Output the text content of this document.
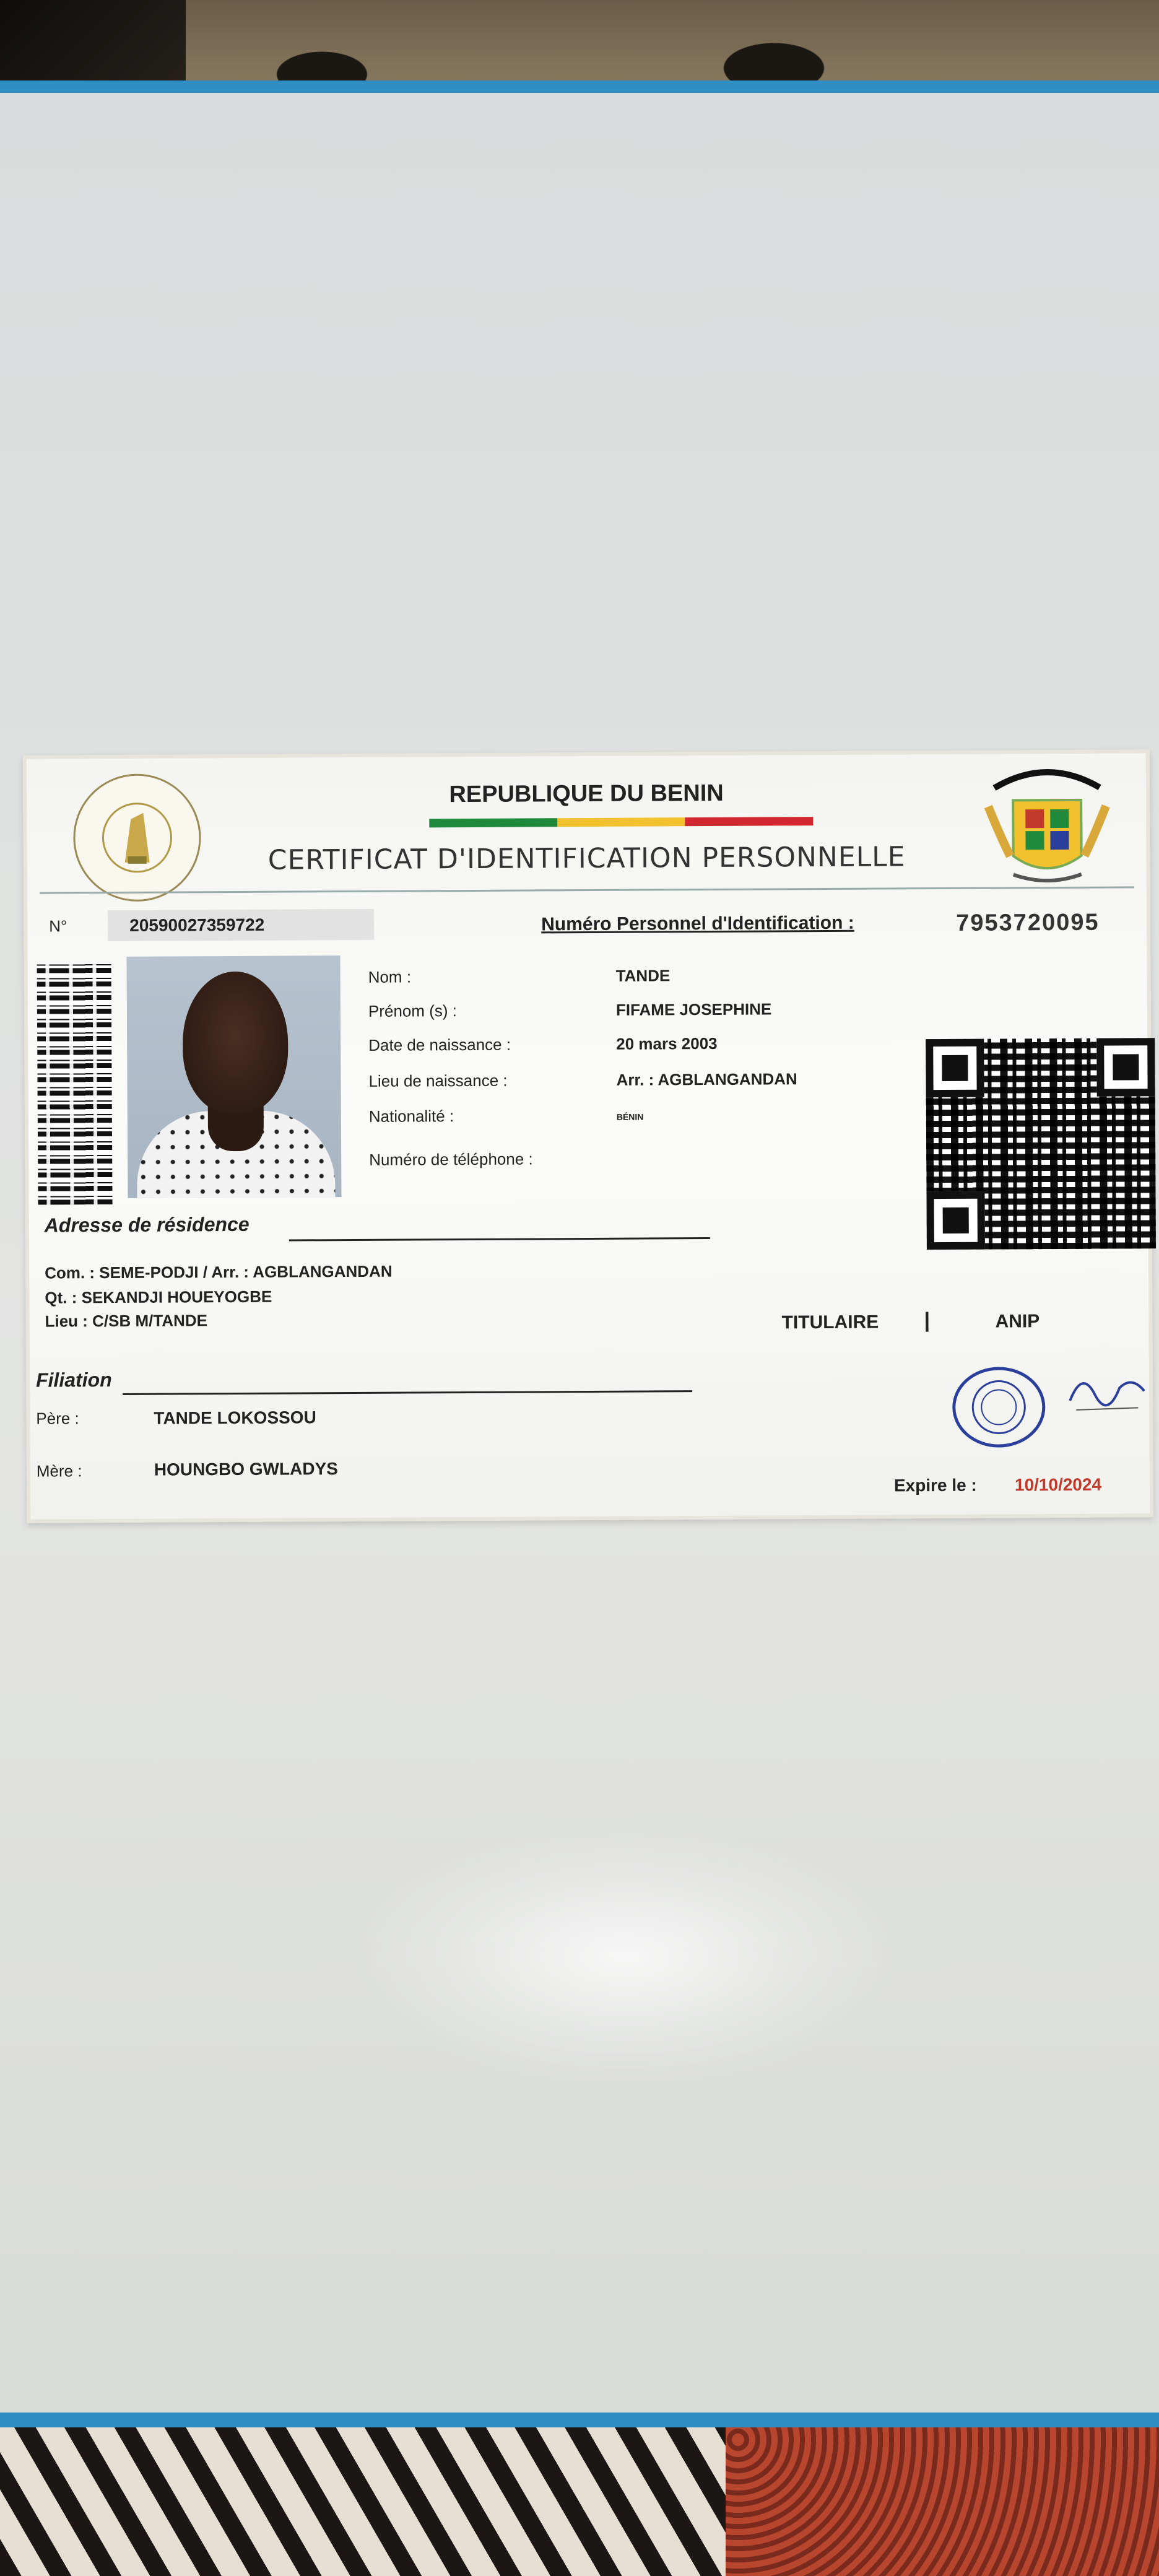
REPUBLIQUE DU BENIN
CERTIFICAT D'IDENTIFICATION PERSONNELLE
N°	20590027359722	Numéro Personnel d'Identification :	7953720095
Nom :	TANDE
Prénom (s) :	FIFAME JOSEPHINE
Date de naissance :	20 mars 2003
Lieu de naissance :	Arr. : AGBLANGANDAN
Nationalité :	BÉNIN
Numéro de téléphone :
Adresse de résidence
Com. : SEME-PODJI / Arr. : AGBLANGANDAN
Qt. : SEKANDJI HOUEYOGBE
Lieu : C/SB M/TANDE	TITULAIRE |	ANIP
Filiation
Père :	TANDE LOKOSSOU
Mère :	HOUNGBO GWLADYS
Expire le : 10/10/2024
